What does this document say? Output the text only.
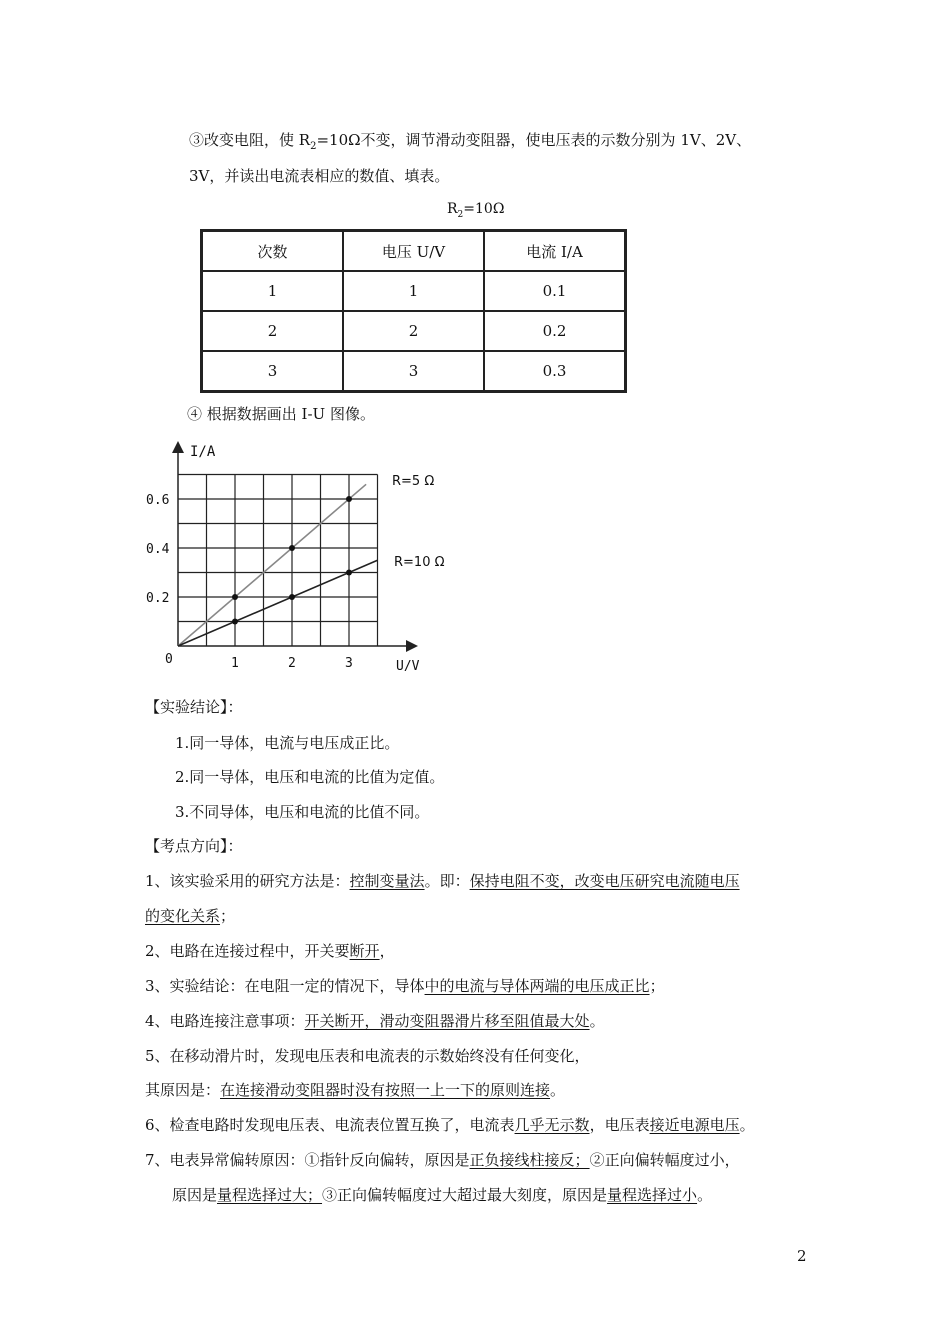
③改变电阻，使 $R_2=10\Omega$不变，调节滑动变阻器，使电压表的示数分别为 1V、2V、
3V，并读出电流表相应的数值、填表。
$R_2=10\Omega$
次数	电压 U/V	电流 I/A
1	1	0.1
2	2	0.2
3	3	0.3
④ 根据数据画出 I-U 图像。
I/A
U/V
0	1	2	3
0.2
0.4
0.6
R=5 Ω
R=10 Ω
【实验结论】：
1.同一导体，电流与电压成正比。
2.同一导体，电压和电流的比值为定值。
3.不同导体，电压和电流的比值不同。
【考点方向】：
1、该实验采用的研究方法是：控制变量法。即：保持电阻不变，改变电压研究电流随电压
的变化关系；
2、电路在连接过程中，开关要断开，
3、实验结论：在电阻一定的情况下，导体中的电流与导体两端的电压成正比；
4、电路连接注意事项：开关断开，滑动变阻器滑片移至阻值最大处。
5、在移动滑片时，发现电压表和电流表的示数始终没有任何变化，
其原因是：在连接滑动变阻器时没有按照一上一下的原则连接。
6、检查电路时发现电压表、电流表位置互换了，电流表几乎无示数，电压表接近电源电压。
7、电表异常偏转原因：①指针反向偏转，原因是正负接线柱接反；②正向偏转幅度过小，
原因是量程选择过大；③正向偏转幅度过大超过最大刻度，原因是量程选择过小。
2
